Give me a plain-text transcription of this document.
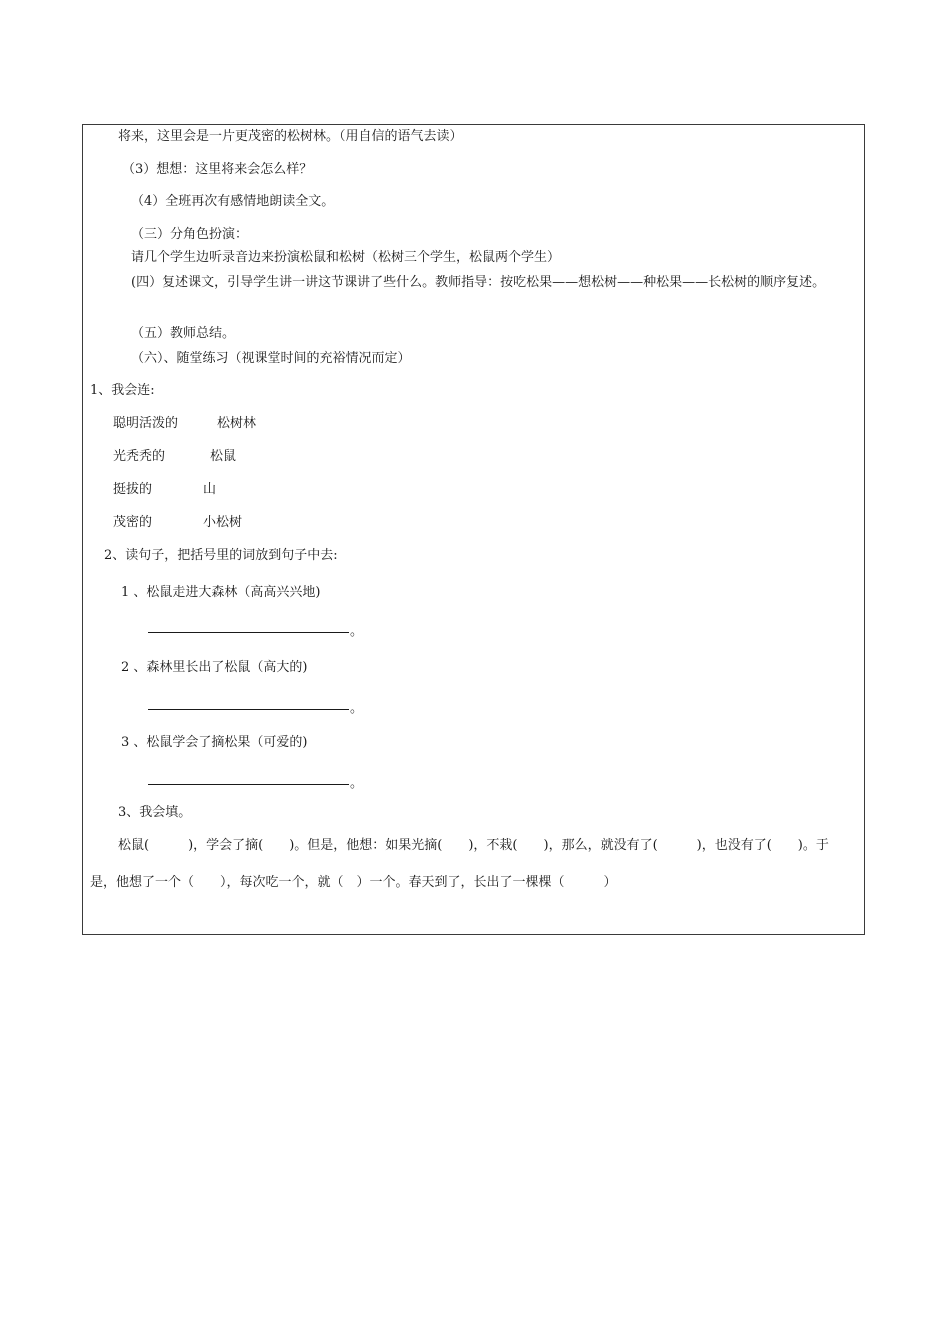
将来，这里会是一片更茂密的松树林。（用自信的语气去读）
（3）想想：这里将来会怎么样？
（4）全班再次有感情地朗读全文。
（三）分角色扮演：
请几个学生边听录音边来扮演松鼠和松树（松树三个学生，松鼠两个学生）
(四）复述课文，引导学生讲一讲这节课讲了些什么。教师指导：按吃松果——想松树——种松果——长松树的顺序复述。
（五）教师总结。
（六）、随堂练习（视课堂时间的充裕情况而定）
1、我会连:
聪明活泼的	松树林
光秃秃的	松鼠
挺拔的	山
茂密的	小松树
2、读句子，把括号里的词放到句子中去:
1 、松鼠走进大森林（高高兴兴地)
。
2 、森林里长出了松鼠（高大的)
。
3 、松鼠学会了摘松果（可爱的)
。
3、我会填。
松鼠(　　　)，学会了摘(　　)。但是，他想：如果光摘(　　)，不栽(　　)，那么，就没有了(　　　)，也没有了(　　)。于
是，他想了一个（　　），每次吃一个，就（　）一个。春天到了，长出了一棵棵（　　　）
